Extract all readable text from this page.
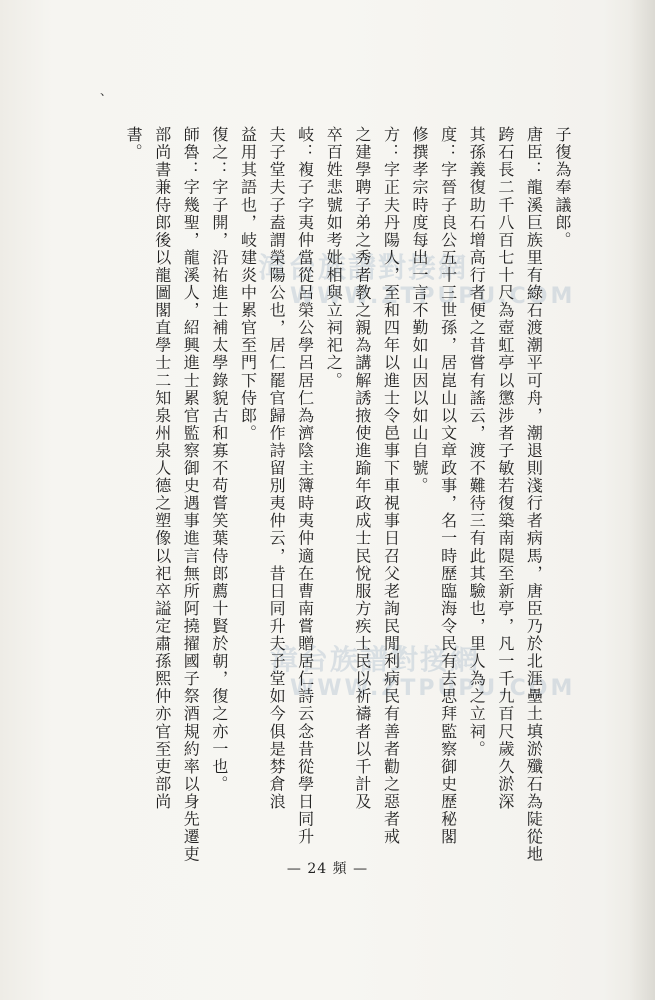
、
漳台族譜對接網
WWW.ZTPUPU.COM
漳台族譜對接網
WWW.ZTPUPU.COM
子復為奉議郎。
唐臣：龍溪巨族里有綠石渡潮平可舟，潮退則淺行者病馬，唐臣乃於北涯壘土填淤殲石為陡從地
跨石長二千八百七十尺為壺虹亭以懲涉者子敏若復築南隄至新亭，凡一千九百尺歲久淤深
其孫義復助石增高行者便之昔嘗有謠云，渡不難待三有此其驗也，里人為之立祠。
度：字晉子良公五十三世孫，居崑山以文章政事，名一時歷臨海令民有去思拜監察御史歷秘閣
修撰孝宗時度每出一言不勤如山因以如山自號。
方：字正夫丹陽人，至和四年以進士令邑事下車視事日召父老詢民閒利病民有善者勸之惡者戒
之建學聘子弟之秀者教之親為講解誘掖使進踰年政成士民悅服方疾士民以祈禱者以千計及
卒百姓悲號如考妣相與立祠祀之。
岐：複子字夷仲當從呂榮公學呂居仁為濟陰主簿時夷仲適在曹南嘗贈居仁詩云念昔從學日同升
夫子堂夫子盍謂榮陽公也，居仁罷官歸作詩留別夷仲云，昔日同升夫子堂如今俱是棼倉浪
益用其語也，岐建炎中累官至門下侍郎。
復之：字子開，沿祐進士補太學錄貌古和寡不苟嘗笑葉侍郎薦十賢於朝，復之亦一也。
師魯：字幾聖，龍溪人，紹興進士累官監察御史遇事進言無所阿撓擢國子祭酒規約率以身先遷吏
部尚書兼侍郎後以龍圖閣直學士二知泉州泉人德之塑像以祀卒謚定肅孫熙仲亦官至吏部尚
書。
— 24 頻 —
